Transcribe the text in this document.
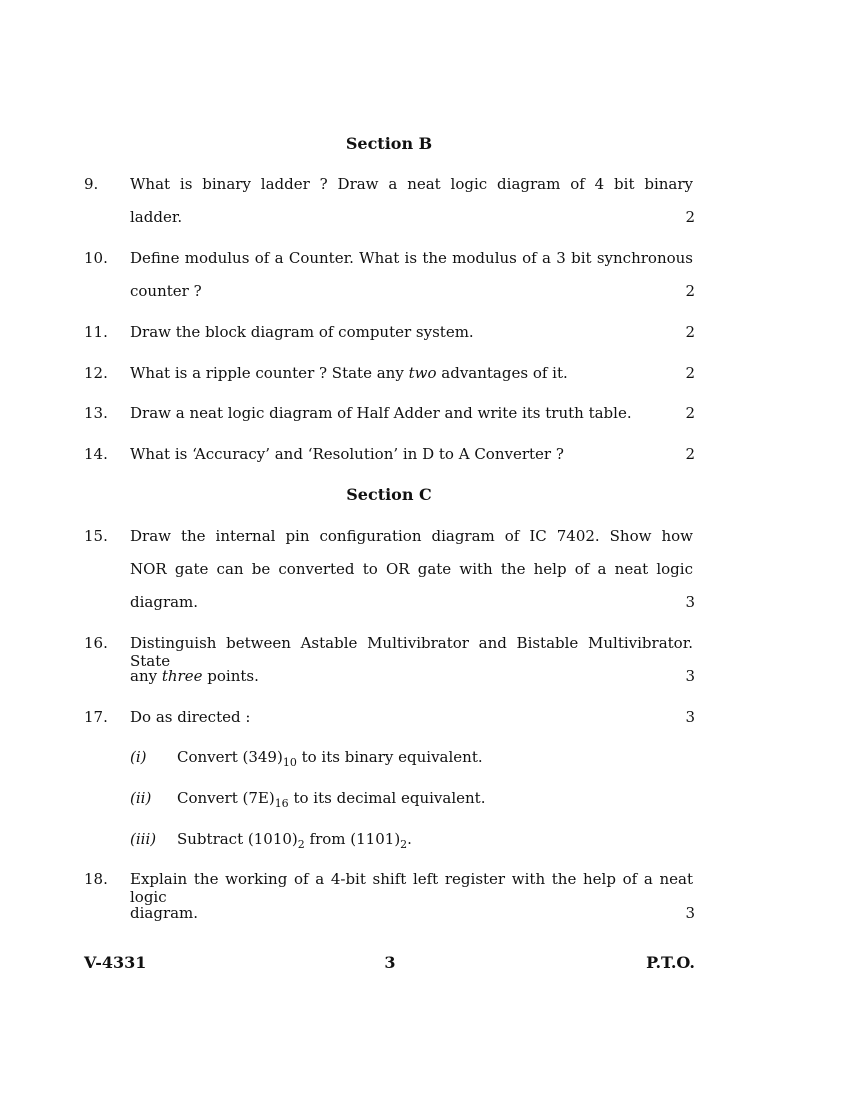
Section B
9. What is binary ladder ? Draw a neat logic diagram of 4 bit binary
ladder.	2
10. Define modulus of a Counter. What is the modulus of a 3 bit synchronous
counter ?	2
11. Draw the block diagram of computer system.	2
12. What is a ripple counter ? State any two advantages of it.	2
13. Draw a neat logic diagram of Half Adder and write its truth table.	2
14. What is ‘Accuracy’ and ‘Resolution’ in D to A Converter ?	2
Section C
15. Draw the internal pin configuration diagram of IC 7402. Show how
NOR gate can be converted to OR gate with the help of a neat logic
diagram.	3
16. Distinguish between Astable Multivibrator and Bistable Multivibrator. State
any three points.	3
17. Do as directed :	3
(i) Convert $(349)_{10}$ to its binary equivalent.
(ii) Convert $(7E)_{16}$ to its decimal equivalent.
(iii) Subtract $(1010)_2$ from $(1101)_2$.
18. Explain the working of a 4-bit shift left register with the help of a neat logic
diagram.	3
V-4331	3	P.T.O.
